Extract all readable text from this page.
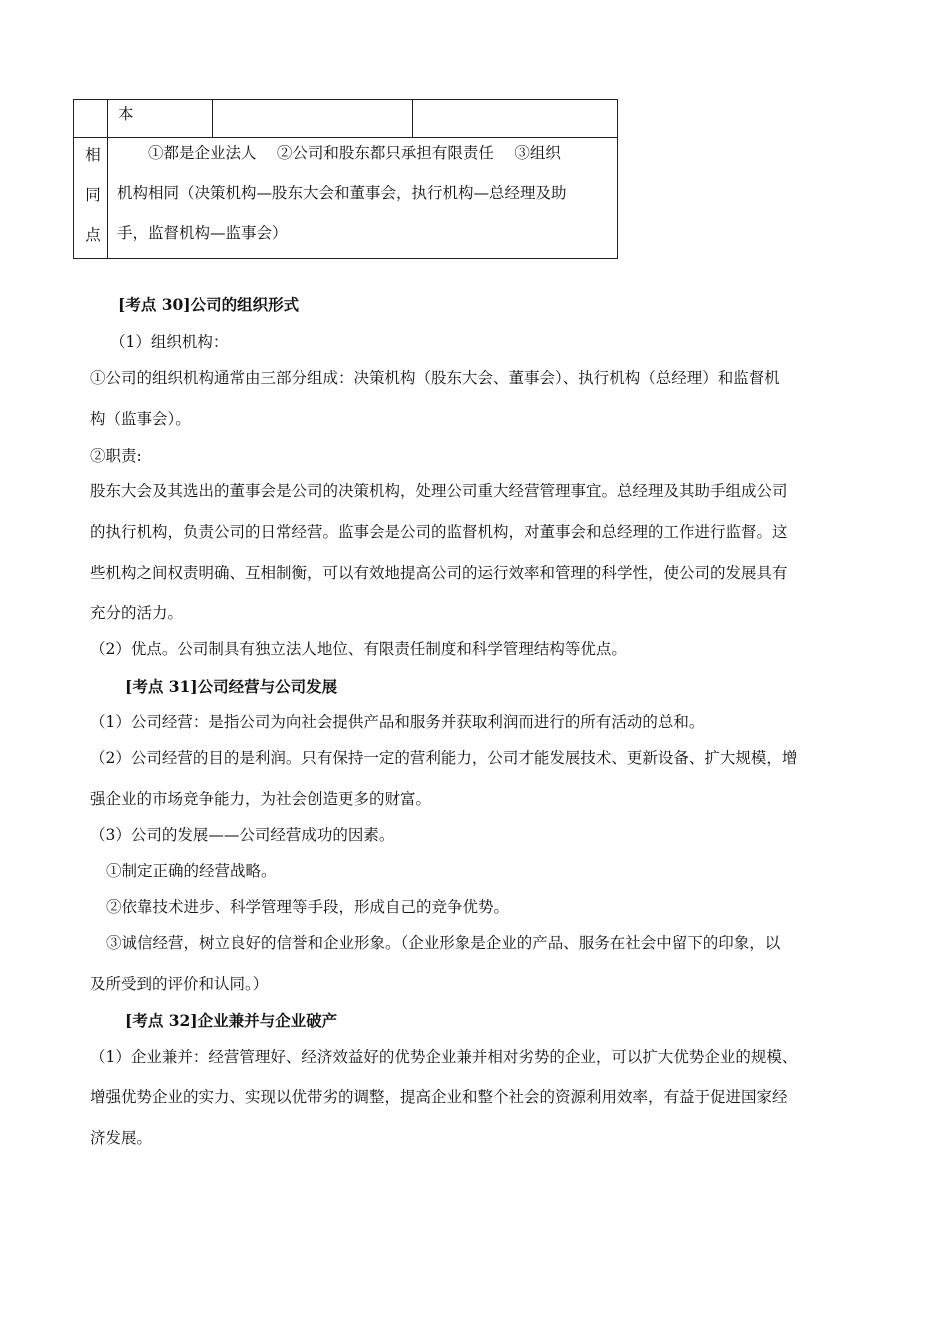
本
相
同
点
①都是企业法人　 ②公司和股东都只承担有限责任　 ③组织
机构相同（决策机构—股东大会和董事会，执行机构—总经理及助
手，监督机构—监事会）
[考点 30]公司的组织形式
（1）组织机构：
①公司的组织机构通常由三部分组成：决策机构（股东大会、董事会）、执行机构（总经理）和监督机
构（监事会）。
②职责:
股东大会及其选出的董事会是公司的决策机构，处理公司重大经营管理事宜。总经理及其助手组成公司
的执行机构，负责公司的日常经营。监事会是公司的监督机构，对董事会和总经理的工作进行监督。这
些机构之间权责明确、互相制衡，可以有效地提高公司的运行效率和管理的科学性，使公司的发展具有
充分的活力。
（2）优点。公司制具有独立法人地位、有限责任制度和科学管理结构等优点。
[考点 31]公司经营与公司发展
（1）公司经营：是指公司为向社会提供产品和服务并获取利润而进行的所有活动的总和。
（2）公司经营的目的是利润。只有保持一定的营利能力，公司才能发展技术、更新设备、扩大规模，增
强企业的市场竞争能力，为社会创造更多的财富。
（3）公司的发展——公司经营成功的因素。
①制定正确的经营战略。
②依靠技术进步、科学管理等手段，形成自己的竞争优势。
③诚信经营，树立良好的信誉和企业形象。（企业形象是企业的产品、服务在社会中留下的印象，以
及所受到的评价和认同。）
[考点 32]企业兼并与企业破产
（1）企业兼并：经营管理好、经济效益好的优势企业兼并相对劣势的企业，可以扩大优势企业的规模、
增强优势企业的实力、实现以优带劣的调整，提高企业和整个社会的资源利用效率，有益于促进国家经
济发展。
